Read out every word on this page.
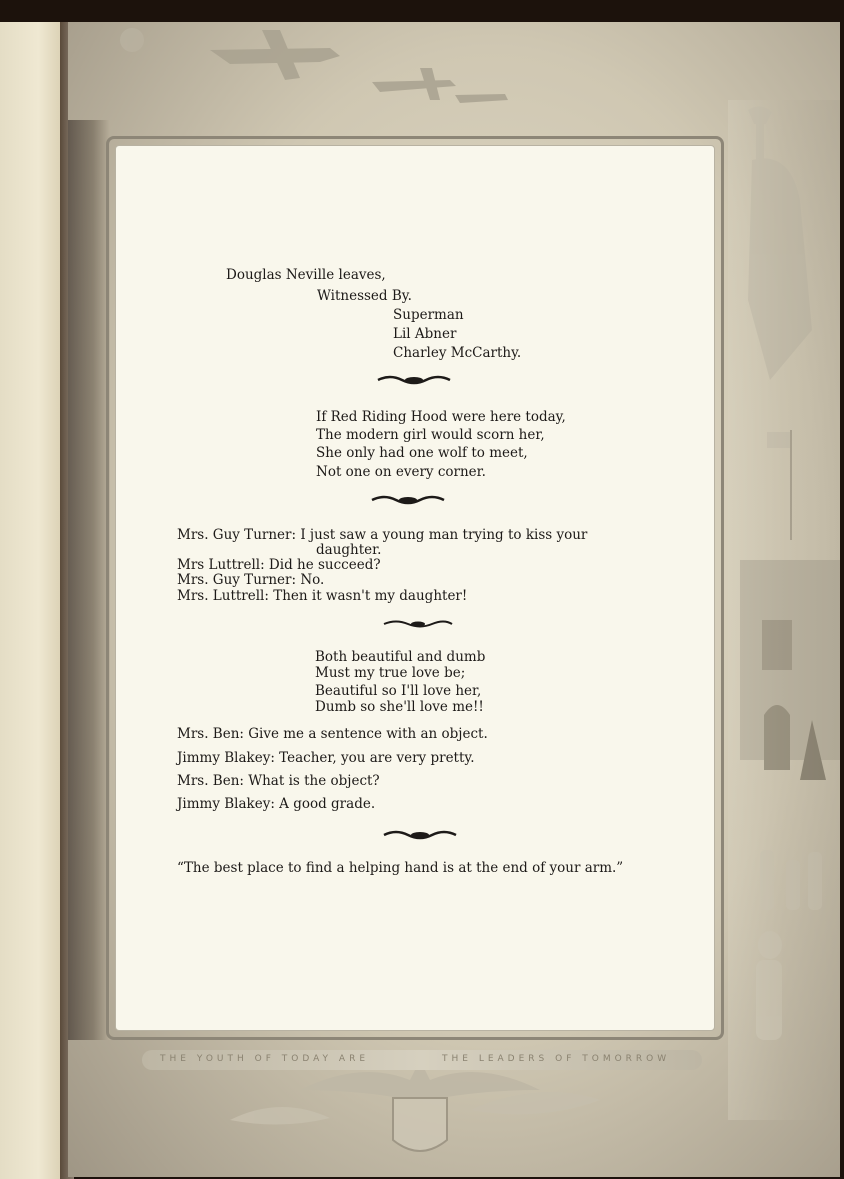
Douglas Neville leaves,

Witnessed By.

Superman

Lil Abner

Charley McCarthy.

If Red Riding Hood were here today,

The modern girl would scorn her,

She only had one wolf to meet,

Not one on every corner.

Mrs. Guy Turner: I just saw a young man trying to kiss your

daughter.

Mrs Luttrell: Did he succeed?

Mrs. Guy Turner: No.

Mrs. Luttrell: Then it wasn't my daughter!

Both beautiful and dumb

Must my true love be;

Beautiful so I'll love her,

Dumb so she'll love me!!

Mrs. Ben: Give me a sentence with an object.

Jimmy Blakey: Teacher, you are very pretty.

Mrs. Ben: What is the object?

Jimmy Blakey: A good grade.

“The best place to find a helping hand is at the end of your arm.”

THE YOUTH OF TODAY ARE	THE LEADERS OF TOMORROW
